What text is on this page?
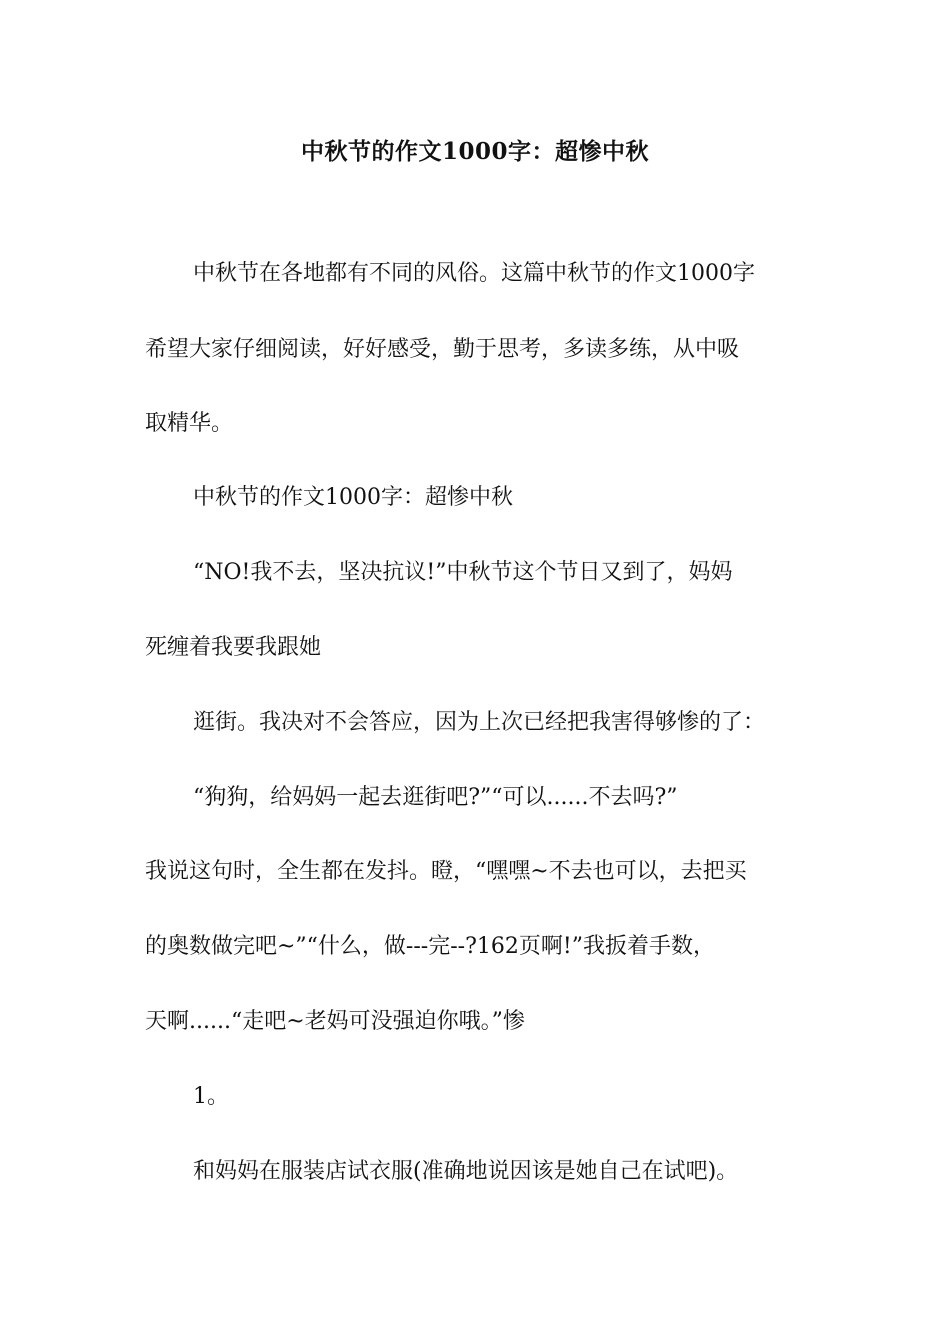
中秋节的作文1000字：超惨中秋
中秋节在各地都有不同的风俗。这篇中秋节的作文1000字
希望大家仔细阅读，好好感受，勤于思考，多读多练，从中吸
取精华。
中秋节的作文1000字：超惨中秋
“NO!我不去，坚决抗议!”中秋节这个节日又到了，妈妈
死缠着我要我跟她
逛街。我决对不会答应，因为上次已经把我害得够惨的了：
“狗狗，给妈妈一起去逛街吧?”“可以......不去吗?”
我说这句时，全生都在发抖。瞪，“嘿嘿~不去也可以，去把买
的奥数做完吧~”“什么，做---完--?162页啊!”我扳着手数，
天啊......“走吧~老妈可没强迫你哦。”惨
1。
和妈妈在服装店试衣服(准确地说因该是她自己在试吧)。
